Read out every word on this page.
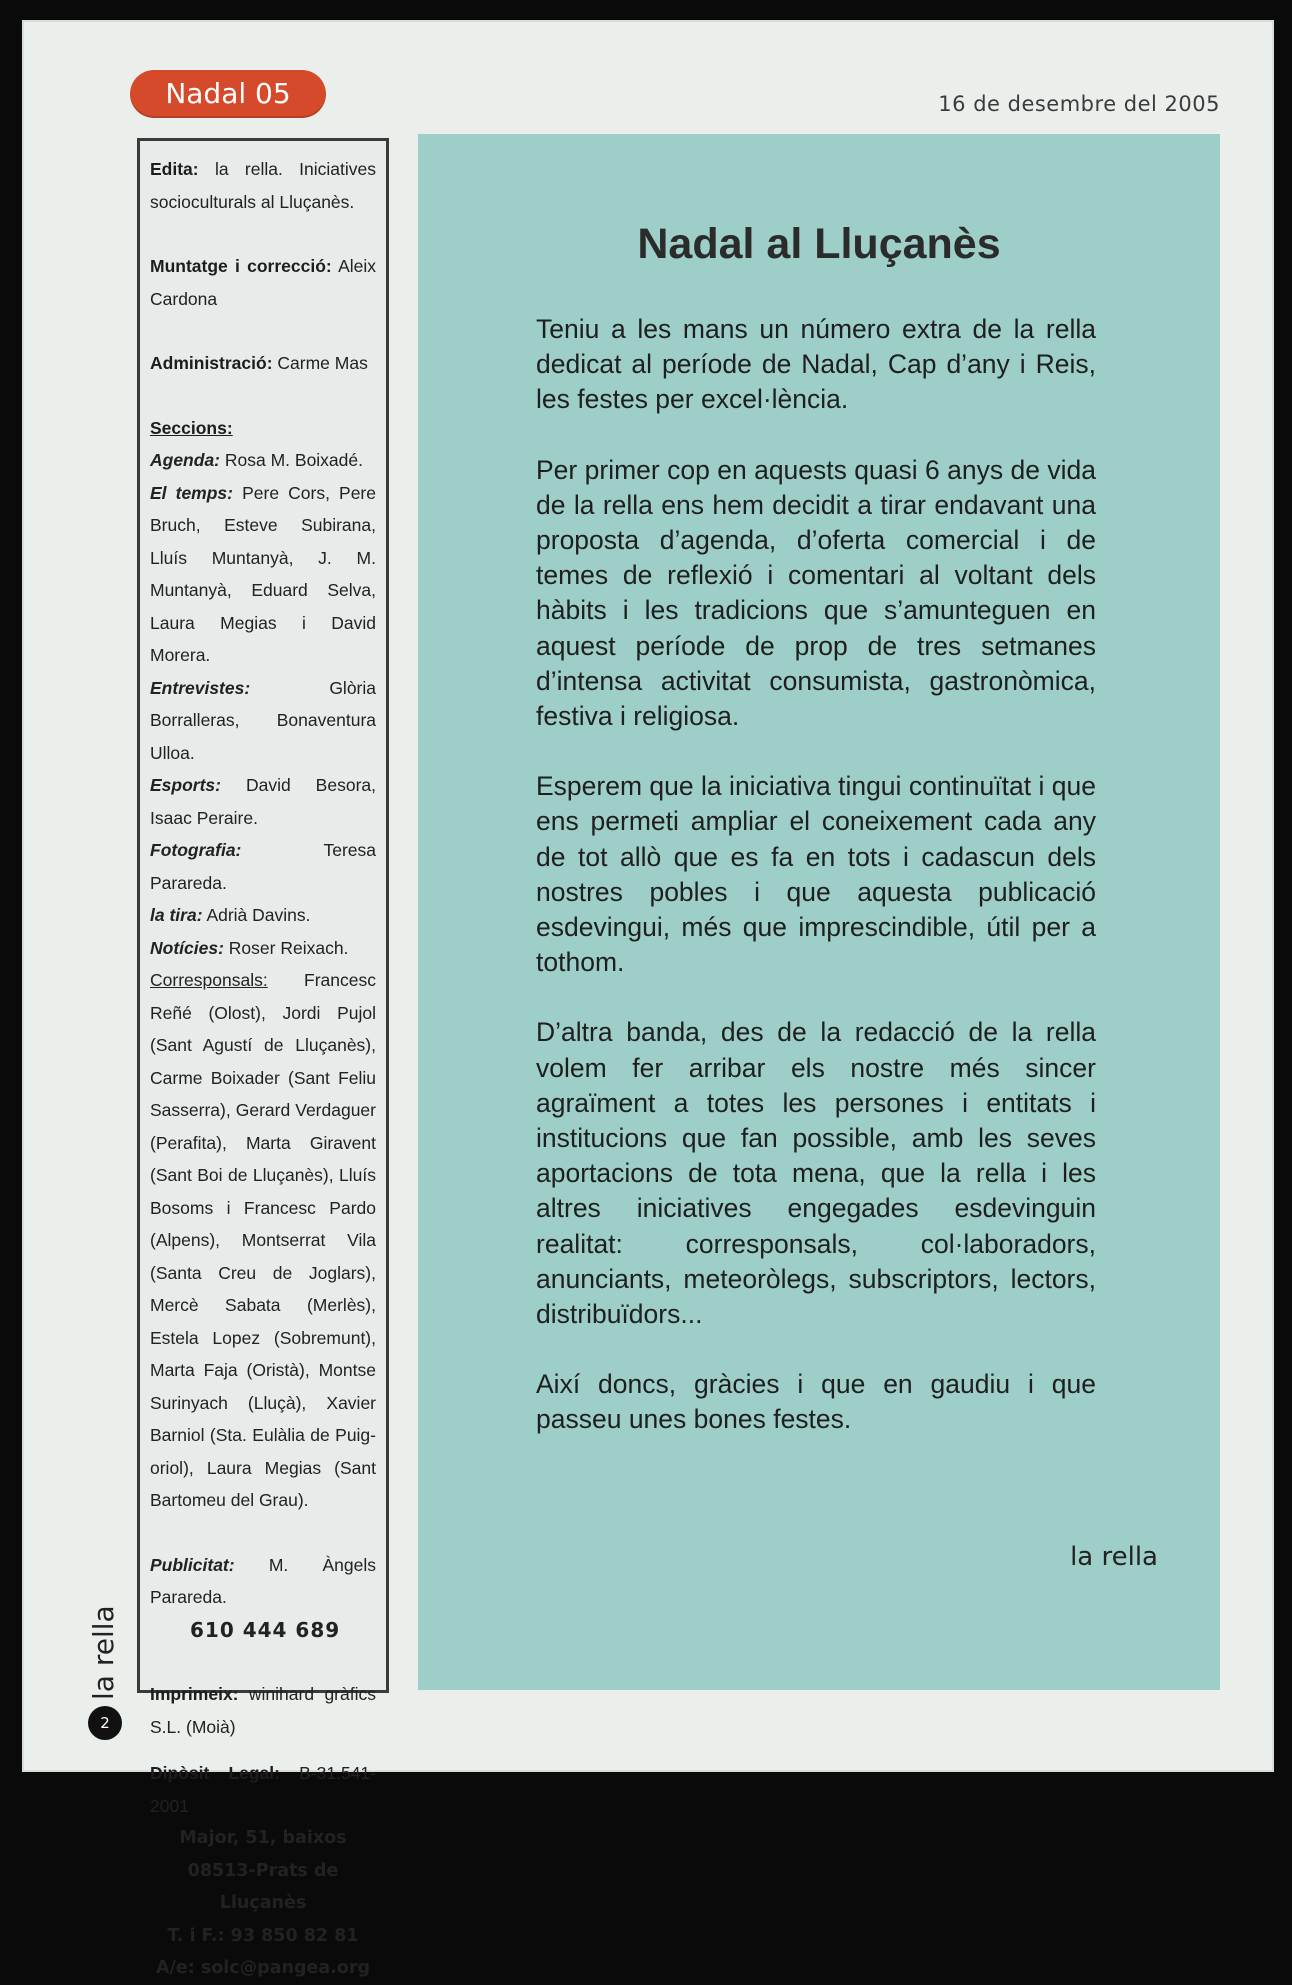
Nadal 05	16 de desembre del 2005

Edita: la rella. Iniciatives socioculturals al Lluçanès.

Muntatge i correcció: Aleix Cardona

Administració: Carme Mas

Seccions:

Agenda: Rosa M. Boixadé.

El temps: Pere Cors, Pere Bruch, Esteve Subirana, Lluís Muntanyà, J. M. Muntanyà, Eduard Selva, Laura Megias i David Morera.

Entrevistes:	Glòria Borralleras, Bonaventura Ulloa.

Esports: David Besora, Isaac Peraire.

Fotografia:	Teresa Parareda.

la tira: Adrià Davins.

Notícies: Roser Reixach.

Corresponsals: Francesc Reñé (Olost), Jordi Pujol (Sant Agustí de Lluçanès), Carme Boixader (Sant Feliu Sasserra), Gerard Verdaguer (Perafita), Marta Giravent (Sant Boi de Lluçanès), Lluís Bosoms i Francesc Pardo (Alpens), Montserrat Vila (Santa Creu de Joglars), Mercè Sabata (Merlès), Estela Lopez (Sobremunt), Marta Faja (Oristà), Montse Surinyach (Lluçà), Xavier Barniol (Sta. Eulàlia de Puig-oriol), Laura Megias (Sant Bartomeu del Grau).

Publicitat: M. Àngels Parareda.

610 444 689

Imprimeix: winihard gràfics S.L. (Moià)

Dipòsit Legal: B-31.541-2001

Major, 51, baixos

08513-Prats de Lluçanès

T. i F.: 93 850 82 81

A/e: solc@pangea.org

la rella
2
Nadal al Lluçanès

Teniu a les mans un número extra de la rella dedicat al període de Nadal, Cap d’any i Reis, les festes per excel·lència.

Per primer cop en aquests quasi 6 anys de vida de la rella ens hem decidit a tirar endavant una proposta d’agenda, d’oferta comercial i de temes de reflexió i comentari al voltant dels hàbits i les tradicions que s’amunteguen en aquest període de prop de tres setmanes d’intensa activitat consumista, gastronòmica, festiva i religiosa.

Esperem que la iniciativa tingui continuïtat i que ens permeti ampliar el coneixement cada any de tot allò que es fa en tots i cadascun dels nostres pobles i que aquesta publicació esdevingui, més que imprescindible, útil per a tothom.

D’altra banda, des de la redacció de la rella volem fer arribar els nostre més sincer agraïment a totes les persones i entitats i institucions que fan possible, amb les seves aportacions de tota mena, que la rella i les altres iniciatives engegades esdevinguin realitat: corresponsals, col·laboradors, anunciants, meteoròlegs, subscriptors, lectors, distribuïdors...

Així doncs, gràcies i que en gaudiu i que passeu unes bones festes.

la rella
